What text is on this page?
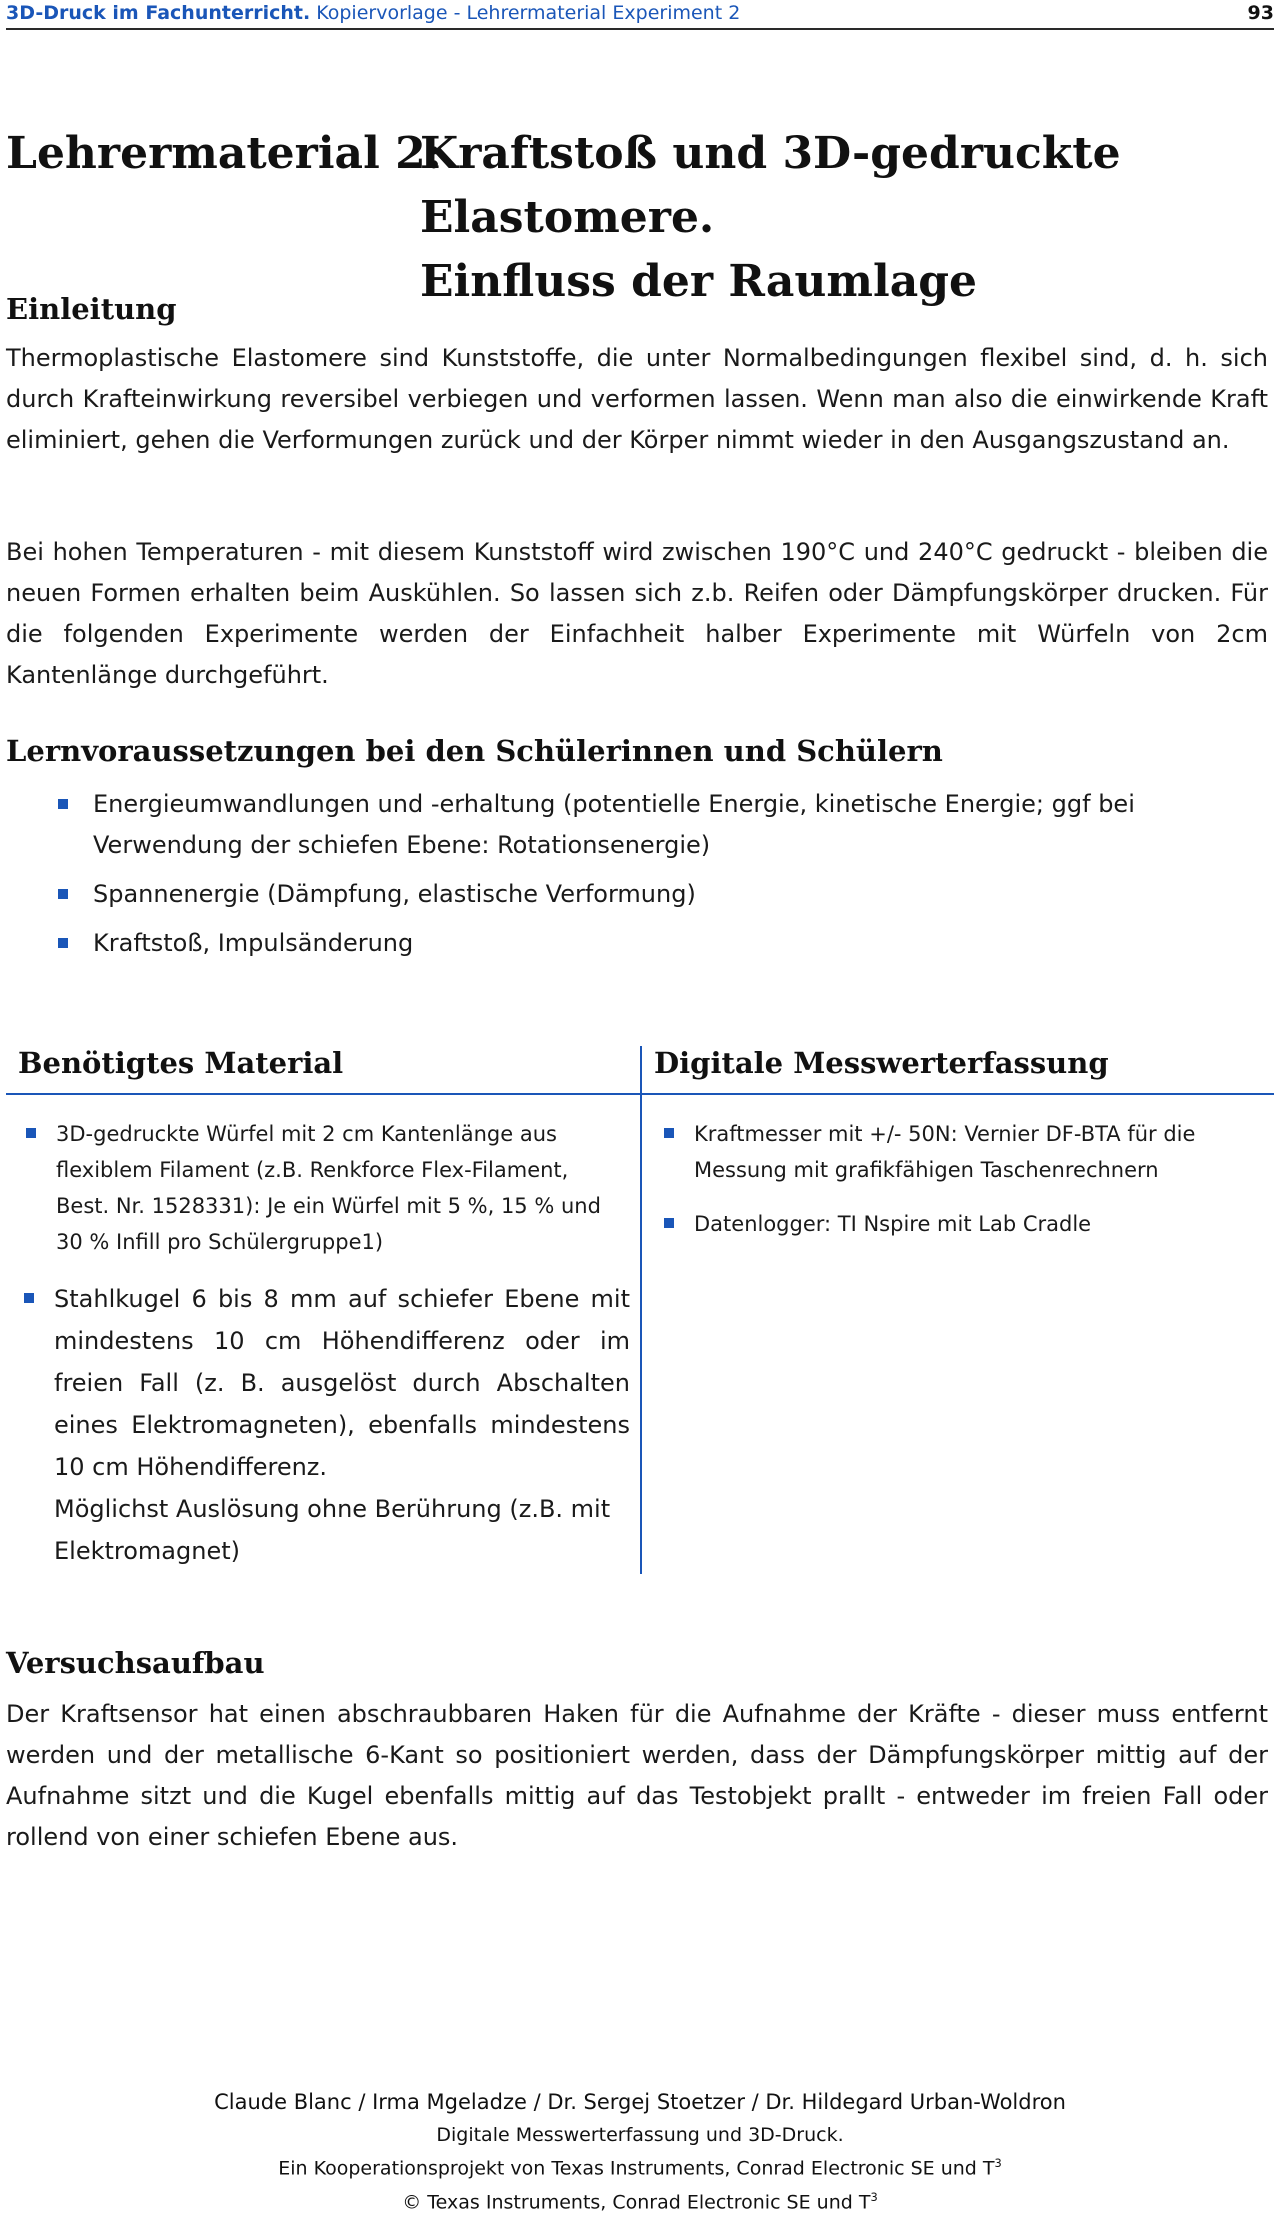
3D-Druck im Fachunterricht. Kopiervorlage - Lehrermaterial Experiment 2	93
Lehrermaterial 2:
Kraftstoß und 3D-gedruckte Elastomere.
Einfluss der Raumlage
Einleitung
Thermoplastische Elastomere sind Kunststoffe, die unter Normalbedingungen flexibel sind, d. h. sich durch Krafteinwirkung reversibel verbiegen und verformen lassen. Wenn man also die einwirkende Kraft eliminiert, gehen die Verformungen zurück und der Körper nimmt wieder in den Ausgangszustand an.
Bei hohen Temperaturen - mit diesem Kunststoff wird zwischen 190°C und 240°C gedruckt - bleiben die neuen Formen erhalten beim Auskühlen. So lassen sich z.b. Reifen oder Dämpfungskörper drucken. Für die folgenden Experimente werden der Einfachheit halber Experimente mit Würfeln von 2cm Kantenlänge durchgeführt.
Lernvoraussetzungen bei den Schülerinnen und Schülern
Energieumwandlungen und -erhaltung (potentielle Energie, kinetische Energie; ggf bei Verwendung der schiefen Ebene: Rotationsenergie)
Spannenergie (Dämpfung, elastische Verformung)
Kraftstoß, Impulsänderung
Benötigtes Material	Digitale Messwerterfassung
3D-gedruckte Würfel mit 2 cm Kantenlänge aus flexiblem Filament (z.B. Renkforce Flex-Filament, Best. Nr. 1528331): Je ein Würfel mit 5 %, 15 % und 30 % Infill pro Schülergruppe1)
Stahlkugel 6 bis 8 mm auf schiefer Ebene mit mindestens 10 cm Höhendifferenz oder im freien Fall (z. B. ausgelöst durch Abschalten eines Elektromagneten), ebenfalls mindestens 10 cm Höhendifferenz.
Möglichst Auslösung ohne Berührung (z.B. mit Elektromagnet)
Kraftmesser mit +/- 50N: Vernier DF-BTA für die Messung mit grafikfähigen Taschenrechnern
Datenlogger: TI Nspire mit Lab Cradle
Versuchsaufbau
Der Kraftsensor hat einen abschraubbaren Haken für die Aufnahme der Kräfte - dieser muss entfernt werden und der metallische 6-Kant so positioniert werden, dass der Dämpfungskörper mittig auf der Aufnahme sitzt und die Kugel ebenfalls mittig auf das Testobjekt prallt - entweder im freien Fall oder rollend von einer schiefen Ebene aus.
Claude Blanc / Irma Mgeladze / Dr. Sergej Stoetzer / Dr. Hildegard Urban-Woldron
Digitale Messwerterfassung und 3D-Druck.
Ein Kooperationsprojekt von Texas Instruments, Conrad Electronic SE und $T^3$
© Texas Instruments, Conrad Electronic SE und $T^3$
